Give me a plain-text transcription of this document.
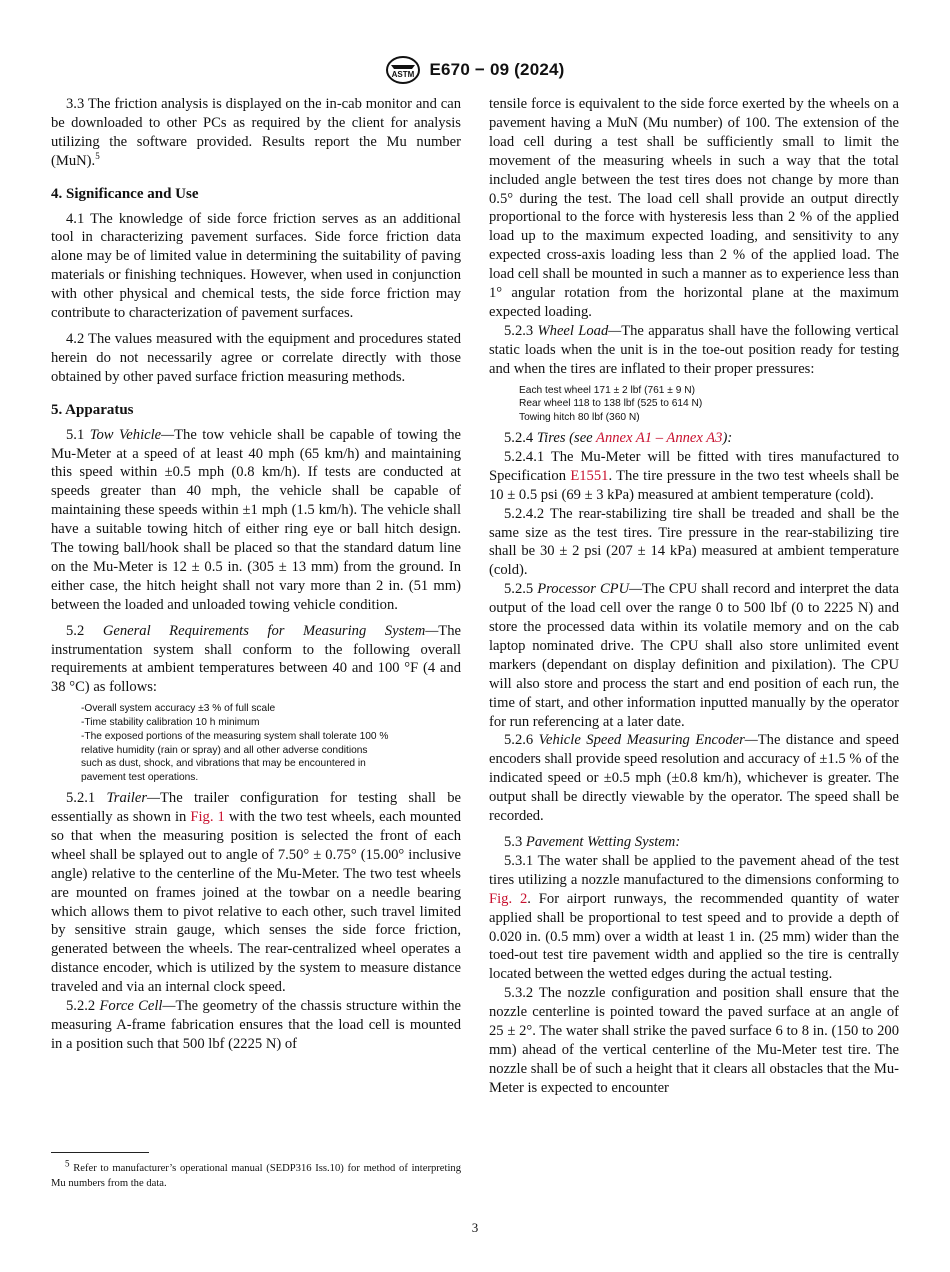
ASTM E670 − 09 (2024)

3.3 The friction analysis is displayed on the in-cab monitor and can be downloaded to other PCs as required by the client for analysis utilizing the software provided. Results report the Mu number (MuN).$^5$

4. Significance and Use

4.1 The knowledge of side force friction serves as an additional tool in characterizing pavement surfaces. Side force friction data alone may be of limited value in determining the suitability of paving materials or finishing techniques. However, when used in conjunction with other physical and chemical tests, the side force friction may contribute to characterization of pavement surfaces.

4.2 The values measured with the equipment and procedures stated herein do not necessarily agree or correlate directly with those obtained by other paved surface friction measuring methods.

5. Apparatus

5.1 Tow Vehicle—The tow vehicle shall be capable of towing the Mu-Meter at a speed of at least 40 mph (65 km/h) and maintaining this speed within ±0.5 mph (0.8 km/h). If tests are conducted at speeds greater than 40 mph, the vehicle shall be capable of maintaining these speeds within ±1 mph (1.5 km/h). The vehicle shall have a suitable towing hitch of either ring eye or ball hitch design. The towing ball/hook shall be placed so that the standard datum line on the Mu-Meter is 12 ± 0.5 in. (305 ± 13 mm) from the ground. In either case, the hitch height shall not vary more than 2 in. (51 mm) between the loaded and unloaded towing vehicle condition.

5.2 General Requirements for Measuring System—The instrumentation system shall conform to the following overall requirements at ambient temperatures between 40 and 100 °F (4 and 38 °C) as follows:

-Overall system accuracy ±3 % of full scale
-Time stability calibration 10 h minimum
-The exposed portions of the measuring system shall tolerate 100 %
relative humidity (rain or spray) and all other adverse conditions
such as dust, shock, and vibrations that may be encountered in
pavement test operations.

5.2.1 Trailer—The trailer configuration for testing shall be essentially as shown in Fig. 1 with the two test wheels, each mounted so that when the measuring position is selected the front of each wheel shall be splayed out to angle of 7.50° ± 0.75° (15.00° inclusive angle) relative to the centerline of the Mu-Meter. The two test wheels are mounted on frames joined at the towbar on a needle bearing which allows them to pivot relative to each other, such travel limited by sensitive strain gauge, which senses the side force friction, generated between the wheels. The rear-centralized wheel operates a distance encoder, which is utilized by the system to measure distance traveled and via an internal clock speed.

5.2.2 Force Cell—The geometry of the chassis structure within the measuring A-frame fabrication ensures that the load cell is mounted in a position such that 500 lbf (2225 N) of

tensile force is equivalent to the side force exerted by the wheels on a pavement having a MuN (Mu number) of 100. The extension of the load cell during a test shall be sufficiently small to limit the movement of the measuring wheels in such a way that the total included angle between the test tires does not change by more than 0.5° during the test. The load cell shall provide an output directly proportional to the force with hysteresis less than 2 % of the applied load up to the maximum expected loading, and sensitivity to any expected cross-axis loading less than 2 % of the applied load. The load cell shall be mounted in such a manner as to experience less than 1° angular rotation from the horizontal plane at the maximum expected loading.

5.2.3 Wheel Load—The apparatus shall have the following vertical static loads when the unit is in the toe-out position ready for testing and when the tires are inflated to their proper pressures:

Each test wheel 171 ± 2 lbf (761 ± 9 N)
Rear wheel 118 to 138 lbf (525 to 614 N)
Towing hitch 80 lbf (360 N)

5.2.4 Tires (see Annex A1 – Annex A3):

5.2.4.1 The Mu-Meter will be fitted with tires manufactured to Specification E1551. The tire pressure in the two test wheels shall be 10 ± 0.5 psi (69 ± 3 kPa) measured at ambient temperature (cold).

5.2.4.2 The rear-stabilizing tire shall be treaded and shall be the same size as the test tires. Tire pressure in the rear-stabilizing tire shall be 30 ± 2 psi (207 ± 14 kPa) measured at ambient temperature (cold).

5.2.5 Processor CPU—The CPU shall record and interpret the data output of the load cell over the range 0 to 500 lbf (0 to 2225 N) and store the processed data within its volatile memory and on the cab laptop nominated drive. The CPU shall also store unlimited event markers (dependant on display definition and pixilation). The CPU will also store and process the start and end position of each run, the time of start, and other information inputted manually by the operator for run referencing at a later date.

5.2.6 Vehicle Speed Measuring Encoder—The distance and speed encoders shall provide speed resolution and accuracy of ±1.5 % of the indicated speed or ±0.5 mph (±0.8 km/h), whichever is greater. The output shall be directly viewable by the operator. The speed shall be recorded.

5.3 Pavement Wetting System:

5.3.1 The water shall be applied to the pavement ahead of the test tires utilizing a nozzle manufactured to the dimensions conforming to Fig. 2. For airport runways, the recommended quantity of water applied shall be proportional to test speed and to provide a depth of 0.020 in. (0.5 mm) over a width at least 1 in. (25 mm) wider than the toed-out test tire pavement width and applied so the tire is centrally located between the wetted edges during the actual testing.

5.3.2 The nozzle configuration and position shall ensure that the nozzle centerline is pointed toward the paved surface at an angle of 25 ± 2°. The water shall strike the paved surface 6 to 8 in. (150 to 200 mm) ahead of the vertical centerline of the Mu-Meter test tire. The nozzle shall be of such a height that it clears all obstacles that the Mu-Meter is expected to encounter

$^5$ Refer to manufacturer’s operational manual (SEDP316 Iss.10) for method of interpreting Mu numbers from the data.
3
